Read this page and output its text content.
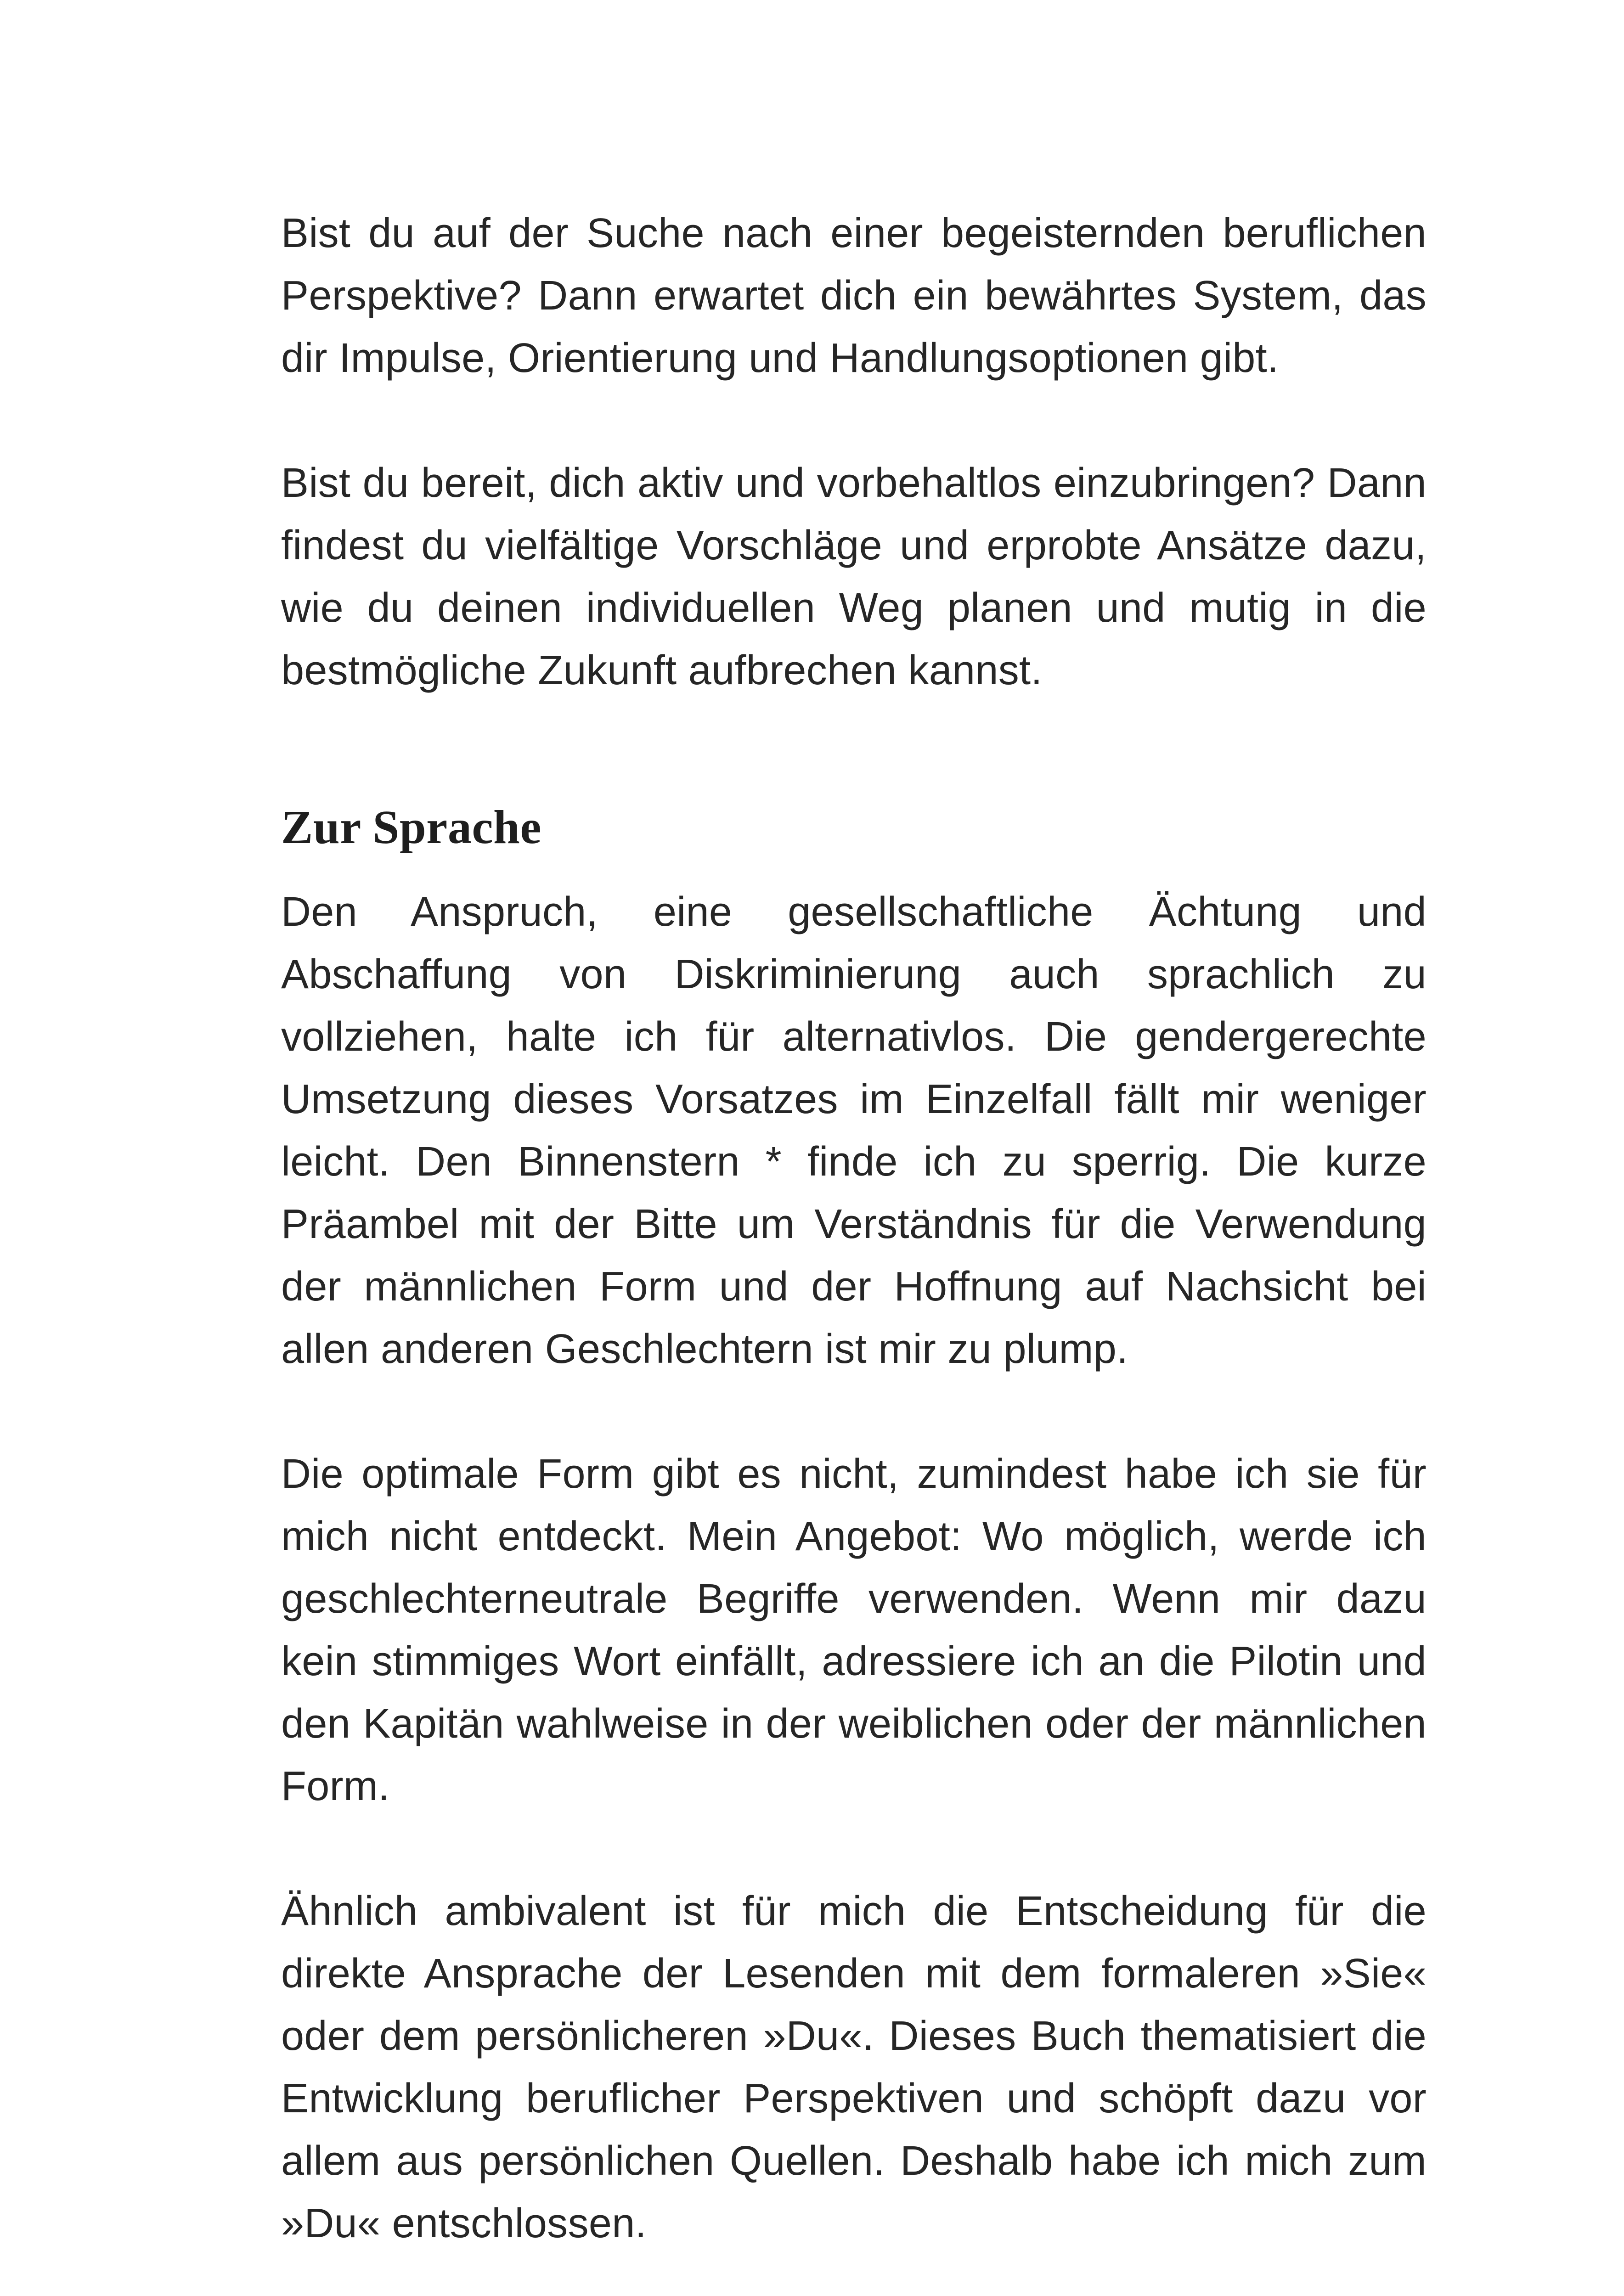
Bist du auf der Suche nach einer begeisternden beruflichen Perspektive? Dann erwartet dich ein bewährtes System, das dir Impulse, Orientierung und Handlungsoptionen gibt.

Bist du bereit, dich aktiv und vorbehaltlos einzubringen? Dann findest du vielfältige Vorschläge und erprobte Ansätze dazu, wie du deinen individuellen Weg planen und mutig in die bestmögliche Zukunft aufbrechen kannst.

Zur Sprache

Den Anspruch, eine gesellschaftliche Ächtung und Abschaffung von Diskriminierung auch sprachlich zu vollziehen, halte ich für alternativlos. Die gendergerechte Umsetzung dieses Vorsatzes im Einzelfall fällt mir weniger leicht. Den Binnenstern * finde ich zu sperrig. Die kurze Präambel mit der Bitte um Verständnis für die Verwendung der männlichen Form und der Hoffnung auf Nachsicht bei allen anderen Geschlechtern ist mir zu plump.

Die optimale Form gibt es nicht, zumindest habe ich sie für mich nicht entdeckt. Mein Angebot: Wo möglich, werde ich geschlechterneutrale Begriffe verwenden. Wenn mir dazu kein stimmiges Wort einfällt, adressiere ich an die Pilotin und den Kapitän wahlweise in der weiblichen oder der männlichen Form.

Ähnlich ambivalent ist für mich die Entscheidung für die direkte Ansprache der Lesenden mit dem formaleren »Sie« oder dem persönlicheren »Du«. Dieses Buch thematisiert die Entwicklung beruflicher Perspektiven und schöpft dazu vor allem aus persönlichen Quellen. Deshalb habe ich mich zum »Du« entschlossen.
